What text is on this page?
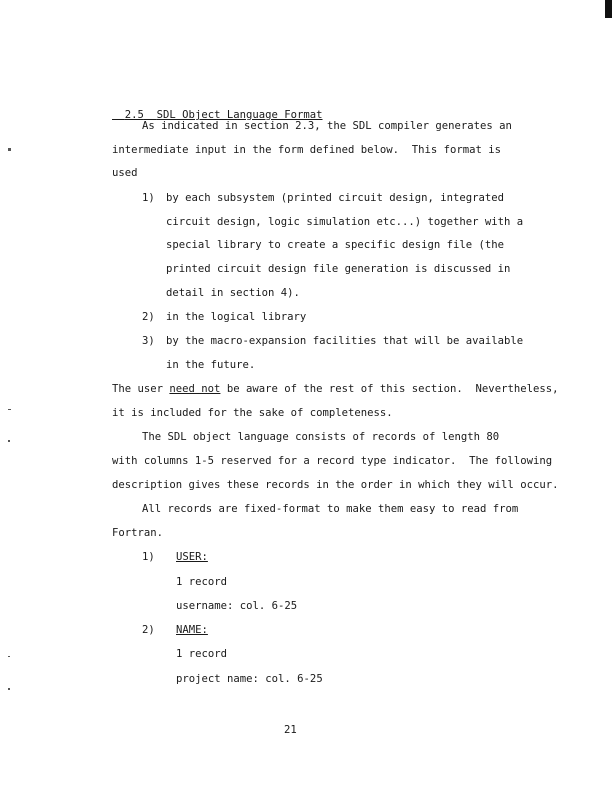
2.5 SDL Object Language Format

As indicated in section 2.3, the SDL compiler generates an
intermediate input in the form defined below.  This format is
used
1) by each subsystem (printed circuit design, integrated
circuit design, logic simulation etc...) together with a
special library to create a specific design file (the
printed circuit design file generation is discussed in
detail in section 4).
2) in the logical library
3) by the macro-expansion facilities that will be available
in the future.
The user need not be aware of the rest of this section.  Nevertheless,
it is included for the sake of completeness.
The SDL object language consists of records of length 80
with columns 1-5 reserved for a record type indicator.  The following
description gives these records in the order in which they will occur.
All records are fixed-format to make them easy to read from
Fortran.
1) USER:
1 record
username: col. 6-25
2) NAME:
1 record
project name: col. 6-25
21
